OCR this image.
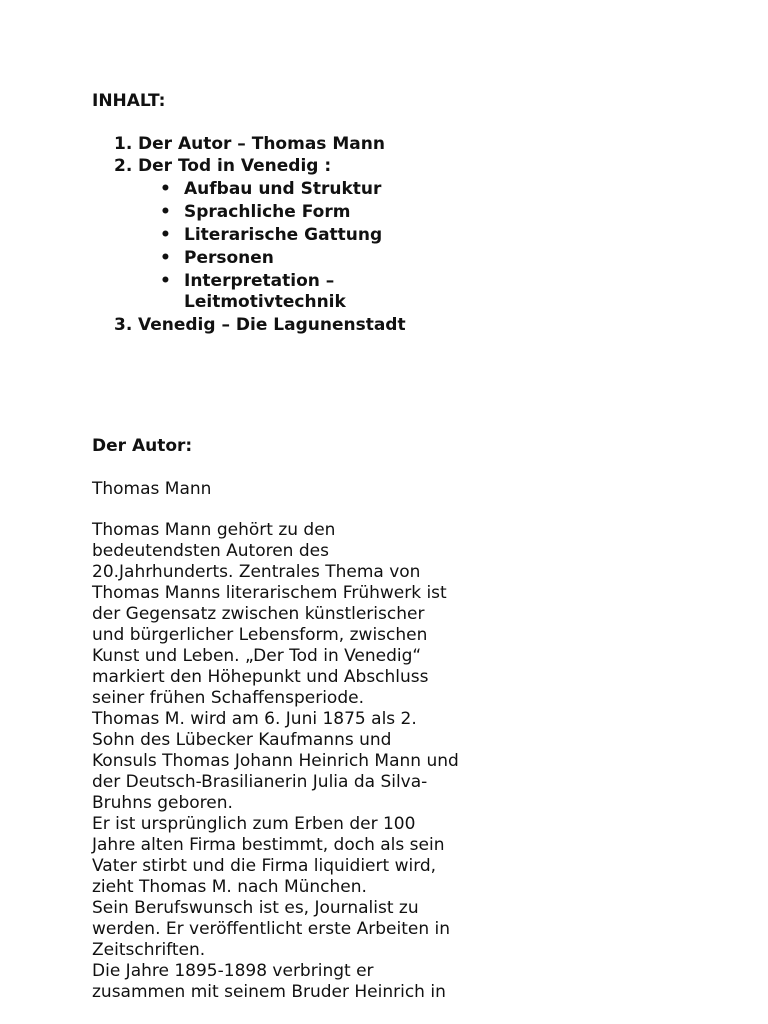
INHALT:

1. Der Autor – Thomas Mann
2. Der Tod in Venedig :
• Aufbau und Struktur
• Sprachliche Form
• Literarische Gattung
• Personen
• Interpretation –
Leitmotivtechnik
3. Venedig – Die Lagunenstadt

Der Autor:

Thomas Mann

Thomas Mann gehört zu den
bedeutendsten Autoren des
20.Jahrhunderts. Zentrales Thema von
Thomas Manns literarischem Frühwerk ist
der Gegensatz zwischen künstlerischer
und bürgerlicher Lebensform, zwischen
Kunst und Leben. „Der Tod in Venedig“
markiert den Höhepunkt und Abschluss
seiner frühen Schaffensperiode.

Thomas M. wird am 6. Juni 1875 als 2.
Sohn des Lübecker Kaufmanns und
Konsuls Thomas Johann Heinrich Mann und
der Deutsch-Brasilianerin Julia da Silva-
Bruhns geboren.

Er ist ursprünglich zum Erben der 100
Jahre alten Firma bestimmt, doch als sein
Vater stirbt und die Firma liquidiert wird,
zieht Thomas M. nach München.

Sein Berufswunsch ist es, Journalist zu
werden. Er veröffentlicht erste Arbeiten in
Zeitschriften.

Die Jahre 1895-1898 verbringt er
zusammen mit seinem Bruder Heinrich in
